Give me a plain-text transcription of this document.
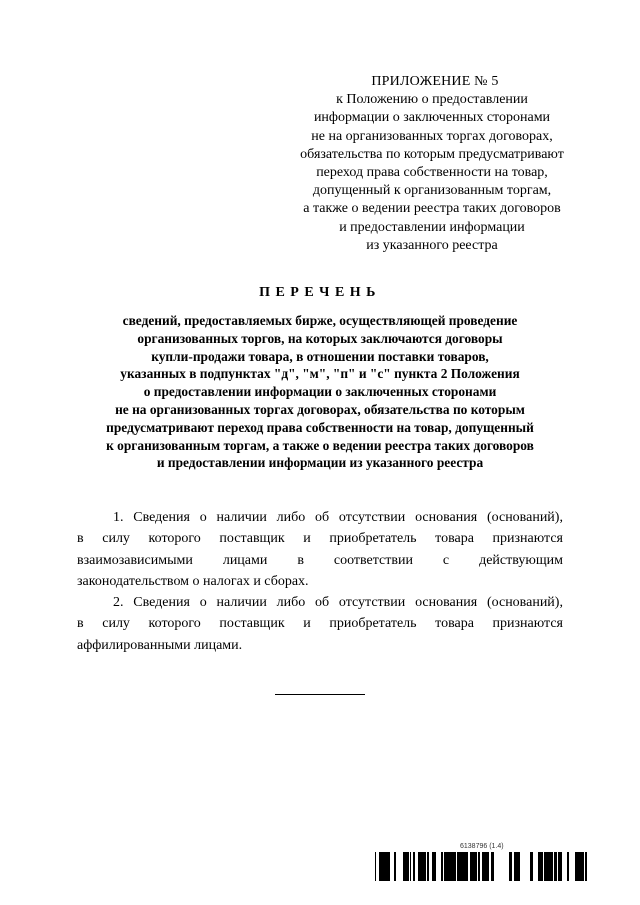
ПРИЛОЖЕНИЕ № 5
к Положению о предоставлении
информации о заключенных сторонами
не на организованных торгах договорах,
обязательства по которым предусматривают
переход права собственности на товар,
допущенный к организованным торгам,
а также о ведении реестра таких договоров
и предоставлении информации
из указанного реестра
ПЕРЕЧЕНЬ
сведений, предоставляемых бирже, осуществляющей проведение
организованных торгов, на которых заключаются договоры
купли-продажи товара, в отношении поставки товаров,
указанных в подпунктах "д", "м", "п" и "с" пункта 2 Положения
о предоставлении информации о заключенных сторонами
не на организованных торгах договорах, обязательства по которым
предусматривают переход права собственности на товар, допущенный
к организованным торгам, а также о ведении реестра таких договоров
и предоставлении информации из указанного реестра
1. Сведения о наличии либо об отсутствии основания (оснований),
в силу которого поставщик и приобретатель товара признаются
взаимозависимыми лицами в соответствии с действующим
законодательством о налогах и сборах.
2. Сведения о наличии либо об отсутствии основания (оснований),
в силу которого поставщик и приобретатель товара признаются
аффилированными лицами.
6138796 (1.4)
